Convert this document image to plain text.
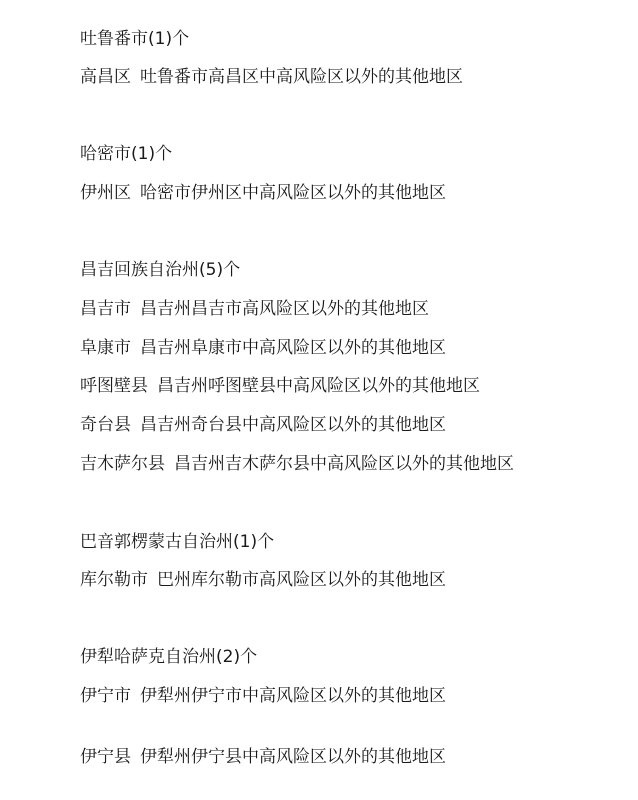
吐鲁番市(1)个
高昌区 吐鲁番市高昌区中高风险区以外的其他地区
哈密市(1)个
伊州区 哈密市伊州区中高风险区以外的其他地区
昌吉回族自治州(5)个
昌吉市 昌吉州昌吉市高风险区以外的其他地区
阜康市 昌吉州阜康市中高风险区以外的其他地区
呼图壁县 昌吉州呼图壁县中高风险区以外的其他地区
奇台县 昌吉州奇台县中高风险区以外的其他地区
吉木萨尔县 昌吉州吉木萨尔县中高风险区以外的其他地区
巴音郭楞蒙古自治州(1)个
库尔勒市 巴州库尔勒市高风险区以外的其他地区
伊犁哈萨克自治州(2)个
伊宁市 伊犁州伊宁市中高风险区以外的其他地区
伊宁县 伊犁州伊宁县中高风险区以外的其他地区
